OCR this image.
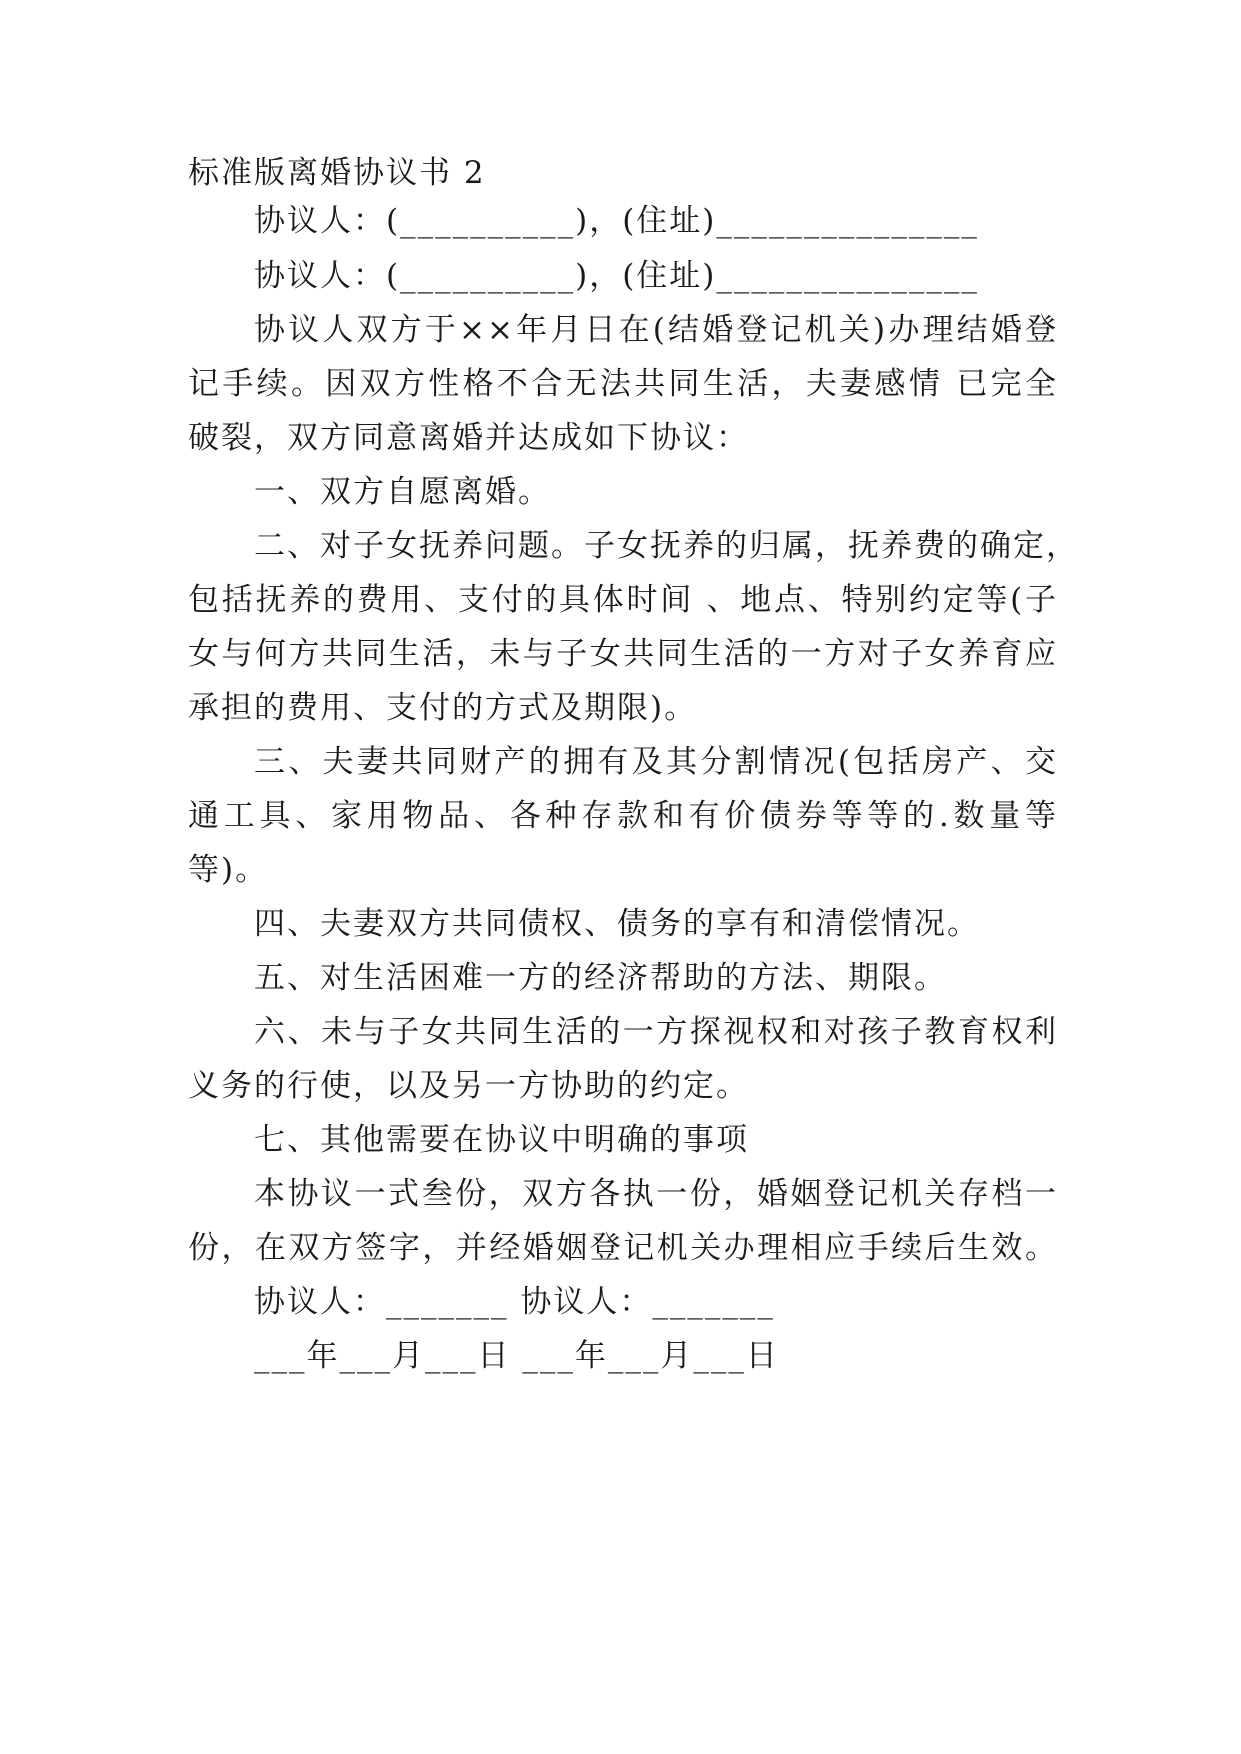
标准版离婚协议书 2
协议人：(__________)，(住址)_______________
协议人：(__________)，(住址)_______________
协议人双方于××年月日在(结婚登记机关)办理结婚登
记手续。因双方性格不合无法共同生活，夫妻感情 已完全
破裂，双方同意离婚并达成如下协议：
一、双方自愿离婚。
二、对子女抚养问题。子女抚养的归属，抚养费的确定，
包括抚养的费用、支付的具体时间 、地点、特别约定等(子
女与何方共同生活，未与子女共同生活的一方对子女养育应
承担的费用、支付的方式及期限)。
三、夫妻共同财产的拥有及其分割情况(包括房产、交
通工具、家用物品、各种存款和有价债券等等的.数量等
等)。
四、夫妻双方共同债权、债务的享有和清偿情况。
五、对生活困难一方的经济帮助的方法、期限。
六、未与子女共同生活的一方探视权和对孩子教育权利
义务的行使，以及另一方协助的约定。
七、其他需要在协议中明确的事项
本协议一式叁份，双方各执一份，婚姻登记机关存档一
份，在双方签字，并经婚姻登记机关办理相应手续后生效。
协议人：_______ 协议人：_______
___年___月___日 ___年___月___日
